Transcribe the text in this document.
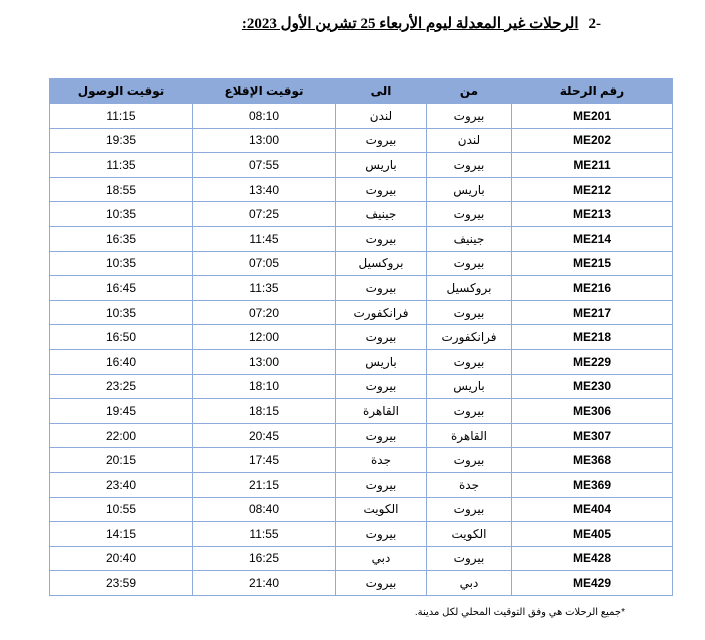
-2الرحلات غير المعدلة ليوم الأربعاء 25 تشرين الأول 2023:
رقم الرحلة	من	الى	توقيت الإقلاع	توقيت الوصول
ME201	بيروت	لندن	08:10	11:15
ME202	لندن	بيروت	13:00	19:35
ME211	بيروت	باريس	07:55	11:35
ME212	باريس	بيروت	13:40	18:55
ME213	بيروت	جينيف	07:25	10:35
ME214	جينيف	بيروت	11:45	16:35
ME215	بيروت	بروكسيل	07:05	10:35
ME216	بروكسيل	بيروت	11:35	16:45
ME217	بيروت	فرانكفورت	07:20	10:35
ME218	فرانكفورت	بيروت	12:00	16:50
ME229	بيروت	باريس	13:00	16:40
ME230	باريس	بيروت	18:10	23:25
ME306	بيروت	القاهرة	18:15	19:45
ME307	القاهرة	بيروت	20:45	22:00
ME368	بيروت	جدة	17:45	20:15
ME369	جدة	بيروت	21:15	23:40
ME404	بيروت	الكويت	08:40	10:55
ME405	الكويت	بيروت	11:55	14:15
ME428	بيروت	دبي	16:25	20:40
ME429	دبي	بيروت	21:40	23:59
*جميع الرحلات هي وفق التوقيت المحلي لكل مدينة.
